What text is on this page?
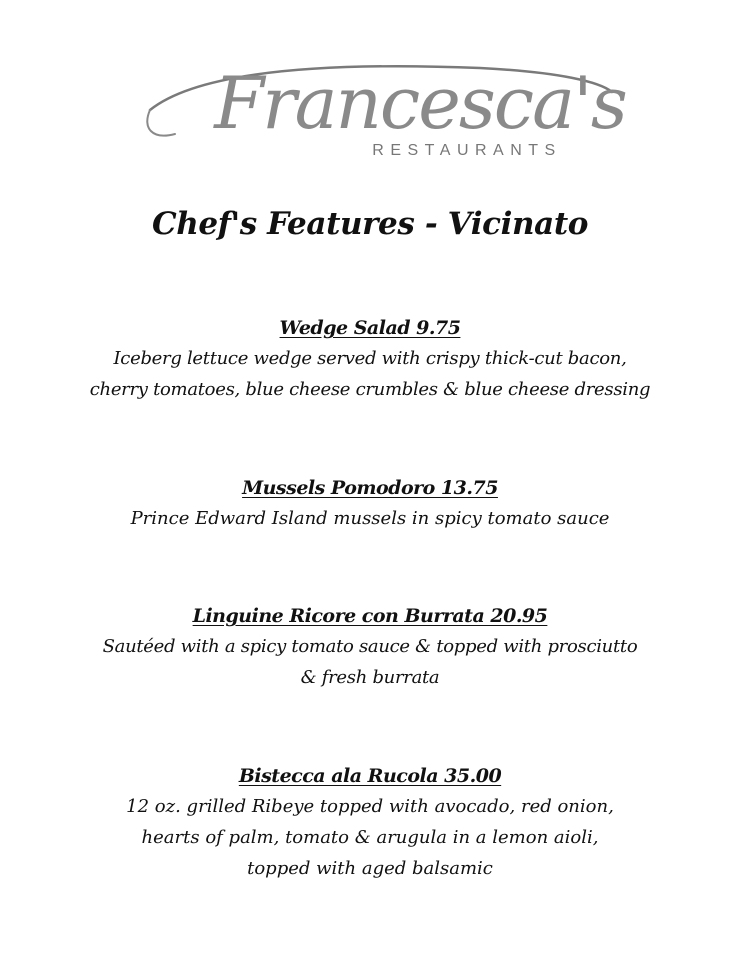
Francesca's
RESTAURANTS
Chef's Features - Vicinato
Wedge Salad 9.75
Iceberg lettuce wedge served with crispy thick-cut bacon,
cherry tomatoes, blue cheese crumbles & blue cheese dressing
Mussels Pomodoro 13.75
Prince Edward Island mussels in spicy tomato sauce
Linguine Ricore con Burrata 20.95
Sautéed with a spicy tomato sauce & topped with prosciutto
& fresh burrata
Bistecca ala Rucola 35.00
12 oz. grilled Ribeye topped with avocado, red onion,
hearts of palm, tomato & arugula in a lemon aioli,
topped with aged balsamic
